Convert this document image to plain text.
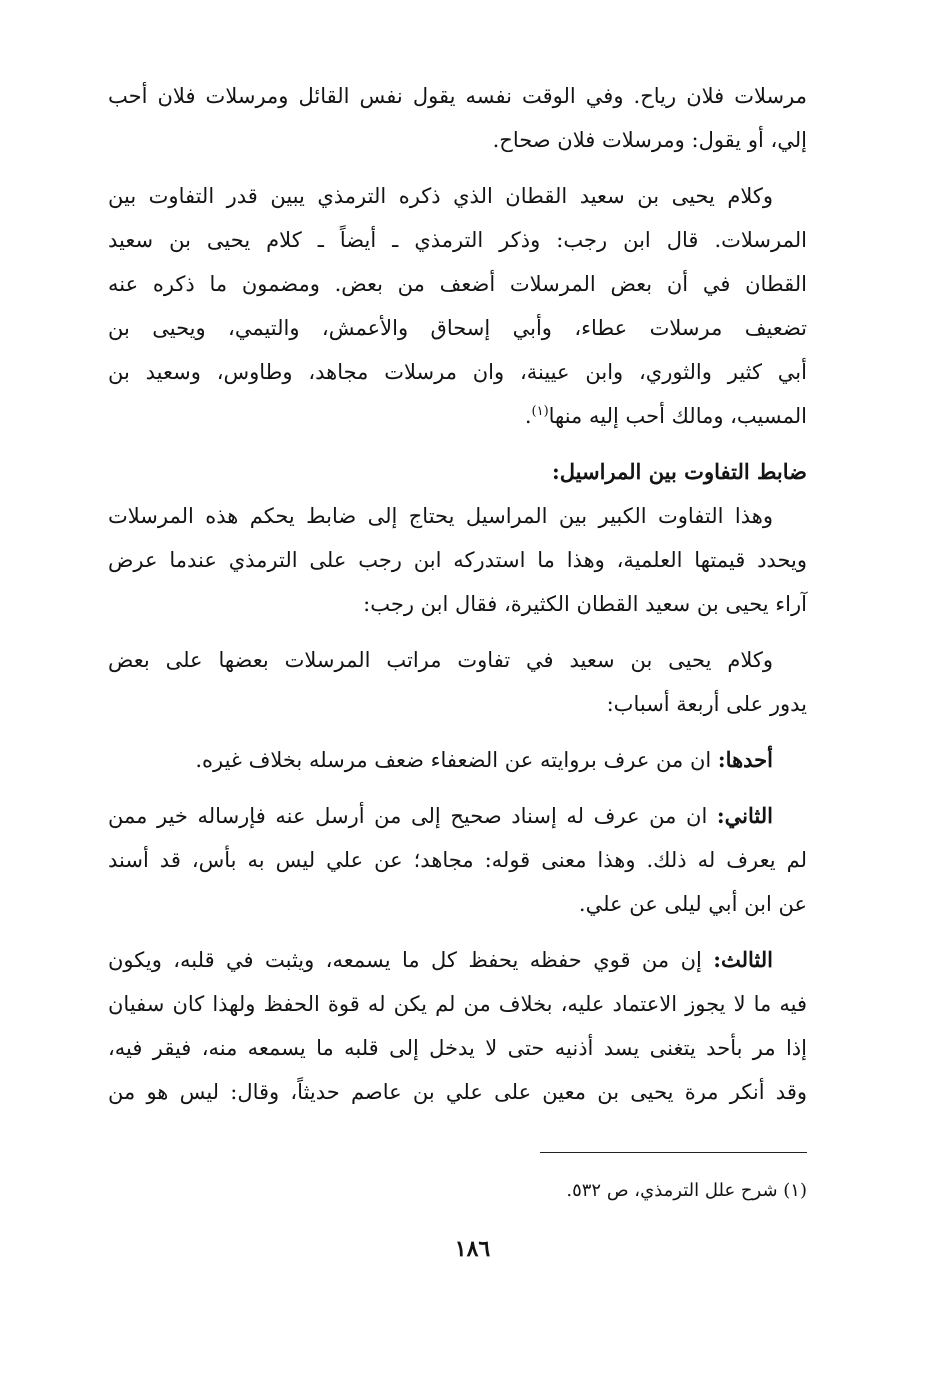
مرسلات فلان رياح. وفي الوقت نفسه يقول نفس القائل ومرسلات فلان أحب
إلي، أو يقول: ومرسلات فلان صحاح.
وكلام يحيى بن سعيد القطان الذي ذكره الترمذي يبين قدر التفاوت بين
المرسلات. قال ابن رجب: وذكر الترمذي ـ أيضاً ـ كلام يحيى بن سعيد
القطان في أن بعض المرسلات أضعف من بعض. ومضمون ما ذكره عنه
تضعيف مرسلات عطاء، وأبي إسحاق والأعمش، والتيمي، ويحيى بن
أبي كثير والثوري، وابن عيينة، وان مرسلات مجاهد، وطاوس، وسعيد بن
المسيب، ومالك أحب إليه منها$^{(١)}$.
ضابط التفاوت بين المراسيل:
وهذا التفاوت الكبير بين المراسيل يحتاج إلى ضابط يحكم هذه المرسلات
ويحدد قيمتها العلمية، وهذا ما استدركه ابن رجب على الترمذي عندما عرض
آراء يحيى بن سعيد القطان الكثيرة، فقال ابن رجب:
وكلام يحيى بن سعيد في تفاوت مراتب المرسلات بعضها على بعض
يدور على أربعة أسباب:
أحدها: ان من عرف بروايته عن الضعفاء ضعف مرسله بخلاف غيره.
الثاني: ان من عرف له إسناد صحيح إلى من أرسل عنه فإرساله خير ممن
لم يعرف له ذلك. وهذا معنى قوله: مجاهد؛ عن علي ليس به بأس، قد أسند
عن ابن أبي ليلى عن علي.
الثالث: إن من قوي حفظه يحفظ كل ما يسمعه، ويثبت في قلبه، ويكون
فيه ما لا يجوز الاعتماد عليه، بخلاف من لم يكن له قوة الحفظ ولهذا كان سفيان
إذا مر بأحد يتغنى يسد أذنيه حتى لا يدخل إلى قلبه ما يسمعه منه، فيقر فيه،
وقد أنكر مرة يحيى بن معين على علي بن عاصم حديثاً، وقال: ليس هو من
(١) شرح علل الترمذي، ص ٥٣٢.
١٨٦
